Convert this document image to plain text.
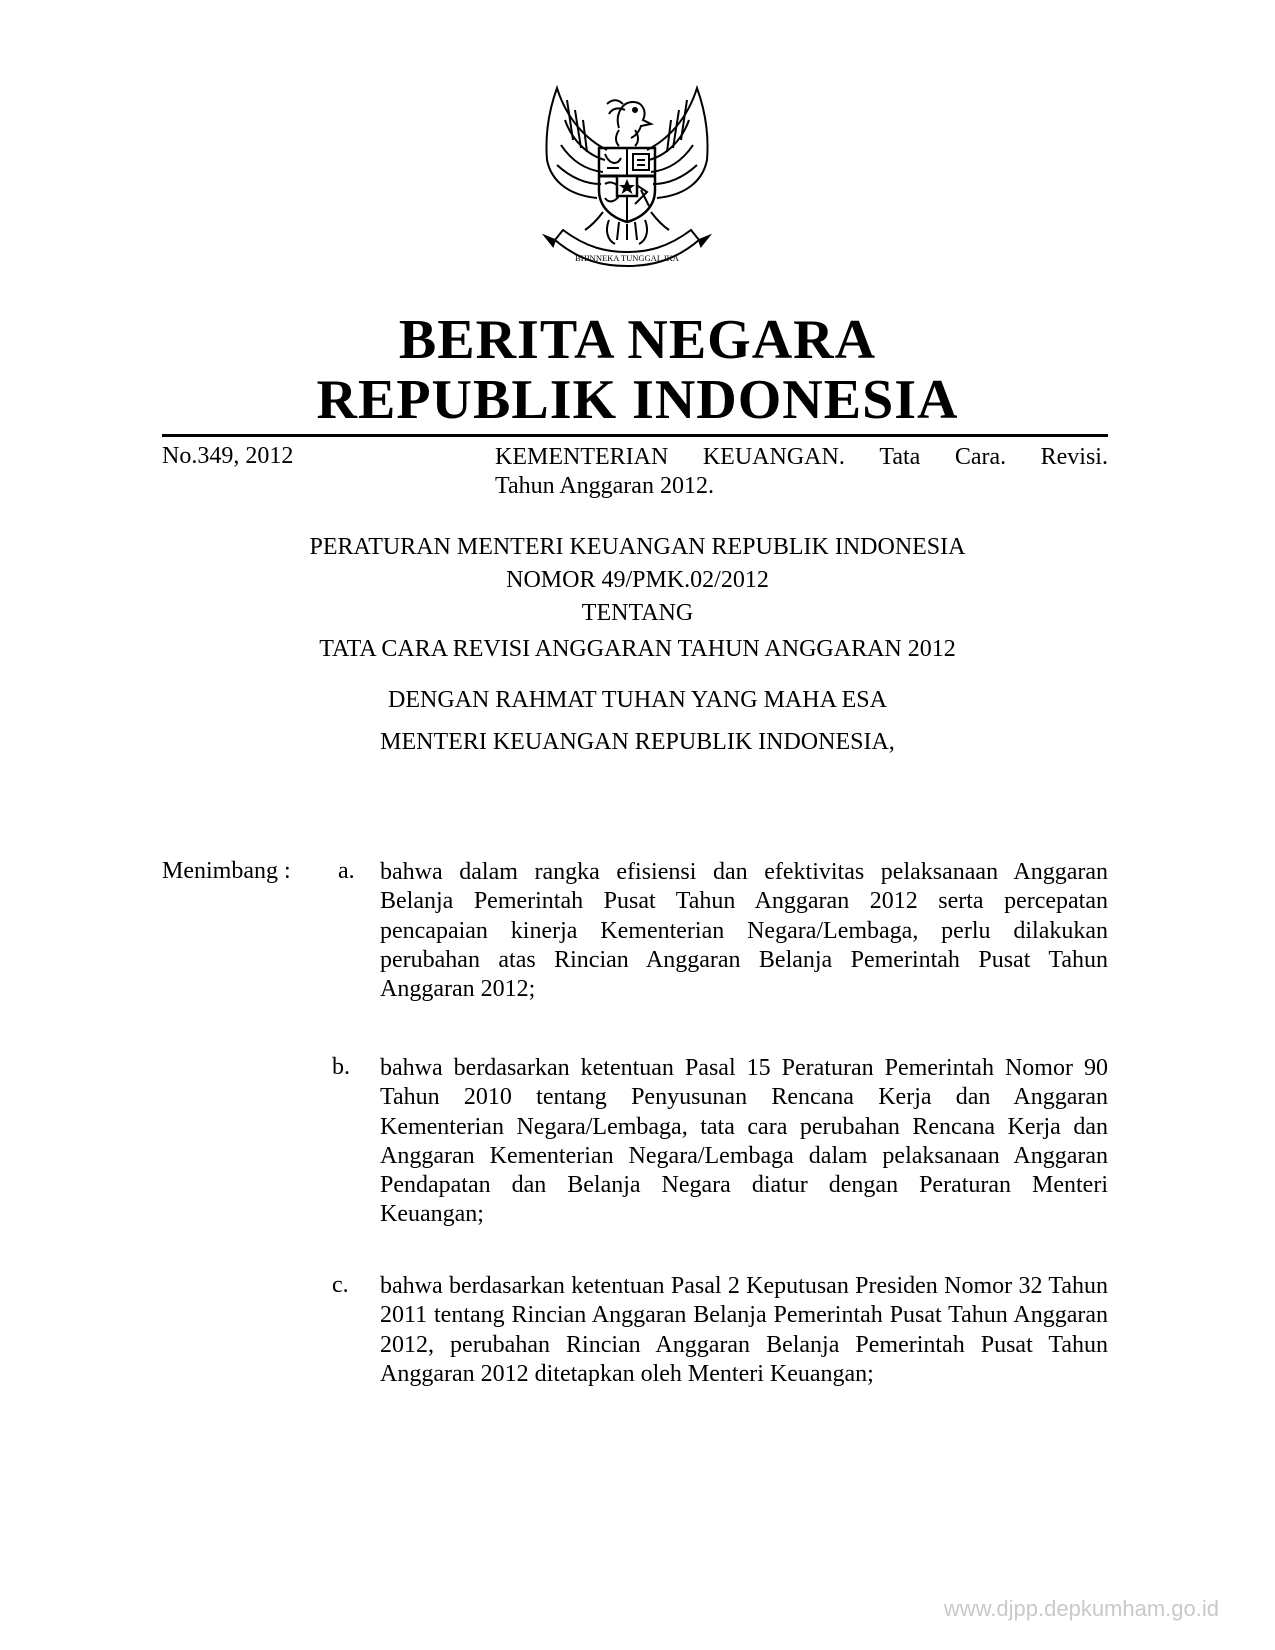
BHINNEKA TUNGGAL IKA
BERITA NEGARA
REPUBLIK INDONESIA
No.349, 2012	KEMENTERIAN KEUANGAN. Tata Cara. Revisi.
Tahun Anggaran 2012.
PERATURAN MENTERI KEUANGAN REPUBLIK INDONESIA
NOMOR 49/PMK.02/2012
TENTANG
TATA CARA REVISI ANGGARAN TAHUN ANGGARAN 2012
DENGAN RAHMAT TUHAN YANG MAHA ESA
MENTERI KEUANGAN REPUBLIK INDONESIA,
Menimbang : a. bahwa dalam rangka efisiensi dan efektivitas pelaksanaan Anggaran Belanja Pemerintah Pusat Tahun Anggaran 2012 serta percepatan pencapaian kinerja Kementerian Negara/Lembaga, perlu dilakukan perubahan atas Rincian Anggaran Belanja Pemerintah Pusat Tahun Anggaran 2012;
b. bahwa berdasarkan ketentuan Pasal 15 Peraturan Pemerintah Nomor 90 Tahun 2010 tentang Penyusunan Rencana Kerja dan Anggaran Kementerian Negara/Lembaga, tata cara perubahan Rencana Kerja dan Anggaran Kementerian Negara/Lembaga dalam pelaksanaan Anggaran Pendapatan dan Belanja Negara diatur dengan Peraturan Menteri Keuangan;
c. bahwa berdasarkan ketentuan Pasal 2 Keputusan Presiden Nomor 32 Tahun 2011 tentang Rincian Anggaran Belanja Pemerintah Pusat Tahun Anggaran 2012, perubahan Rincian Anggaran Belanja Pemerintah Pusat Tahun Anggaran 2012 ditetapkan oleh Menteri Keuangan;
www.djpp.depkumham.go.id
